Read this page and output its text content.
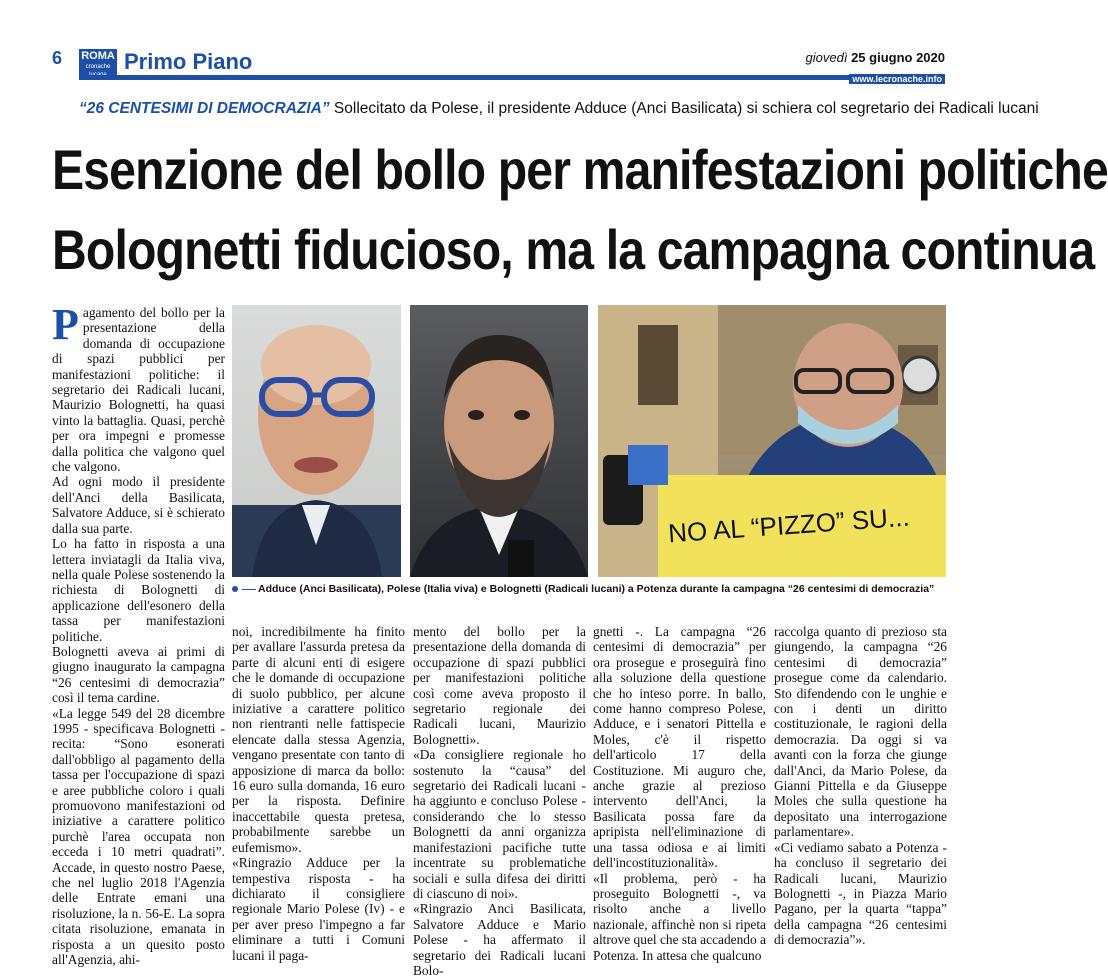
6 ROMA
cronache Primo Piano	giovedì 25 giugno 2020
www.lecronache.info
“26 CENTESIMI DI DEMOCRAZIA” Sollecitato da Polese, il presidente Adduce (Anci Basilicata) si schiera col segretario dei Radicali lucani
Esenzione del bollo per manifestazioni politiche
Bolognetti fiducioso, ma la campagna continua
NO AL “PIZZO” SU...
Adduce (Anci Basilicata), Polese (Italia viva) e Bolognetti (Radicali lucani) a Potenza durante la campagna “26 centesimi di democrazia”

Pagamento del bollo per la presentazione della domanda di occupazione di spazi pubblici per manifestazioni politiche: il segretario dei Radicali lucani, Maurizio Bolognetti, ha quasi vinto la battaglia. Quasi, perchè per ora impegni e promesse dalla politica che valgono quel che valgono.

Ad ogni modo il presidente dell'Anci della Basilicata, Salvatore Adduce, si è schierato dalla sua parte.

Lo ha fatto in risposta a una lettera inviatagli da Italia viva, nella quale Polese sostenendo la richiesta di Bolognetti di applicazione dell'esonero della tassa per manifestazioni politiche.

Bolognetti aveva ai primi di giugno inaugurato la campagna “26 centesimi di democrazia” così il tema cardine.

«La legge 549 del 28 dicembre 1995 - specificava Bolognetti - recita: “Sono esonerati dall'obbligo al pagamento della tassa per l'occupazione di spazi e aree pubbliche coloro i quali promuovono manifestazioni od iniziative a carattere politico purchè l'area occupata non ecceda i 10 metri quadrati”. Accade, in questo nostro Paese, che nel luglio 2018 l'Agenzia delle Entrate emani una risoluzione, la n. 56-E. La sopra citata risoluzione, emanata in risposta a un quesito posto all'Agenzia, ahi-

noi, incredibilmente ha finito per avallare l'assurda pretesa da parte di alcuni enti di esigere che le domande di occupazione di suolo pubblico, per alcune iniziative a carattere politico non rientranti nelle fattispecie elencate dalla stessa Agenzia, vengano presentate con tanto di apposizione di marca da bollo: 16 euro sulla domanda, 16 euro per la risposta. Definire inaccettabile questa pretesa, probabilmente sarebbe un eufemismo».

«Ringrazio Adduce per la tempestiva risposta - ha dichiarato il consigliere regionale Mario Polese (Iv) - e per aver preso l'impegno a far eliminare a tutti i Comuni lucani il paga-

mento del bollo per la presentazione della domanda di occupazione di spazi pubblici per manifestazioni politiche così come aveva proposto il segretario regionale dei Radicali lucani, Maurizio Bolognetti».

«Da consigliere regionale ho sostenuto la “causa” del segretario dei Radicali lucani - ha aggiunto e concluso Polese - considerando che lo stesso Bolognetti da anni organizza manifestazioni pacifiche tutte incentrate su problematiche sociali e sulla difesa dei diritti di ciascuno di noi».

«Ringrazio Anci Basilicata, Salvatore Adduce e Mario Polese - ha affermato il segretario dei Radicali lucani Bolo-

gnetti -. La campagna “26 centesimi di democrazia” per ora prosegue e proseguirà fino alla soluzione della questione che ho inteso porre. In ballo, come hanno compreso Polese, Adduce, e i senatori Pittella e Moles, c'è il rispetto dell'articolo 17 della Costituzione. Mi auguro che, anche grazie al prezioso intervento dell'Anci, la Basilicata possa fare da apripista nell'eliminazione di una tassa odiosa e ai limiti dell'incostituzionalità».

«Il problema, però - ha proseguito Bolognetti -, va risolto anche a livello nazionale, affinchè non si ripeta altrove quel che sta accadendo a Potenza. In attesa che qualcuno

raccolga quanto di prezioso sta giungendo, la campagna “26 centesimi di democrazia” prosegue come da calendario. Sto difendendo con le unghie e con i denti un diritto costituzionale, le ragioni della democrazia. Da oggi si va avanti con la forza che giunge dall'Anci, da Mario Polese, da Gianni Pittella e da Giuseppe Moles che sulla questione ha depositato una interrogazione parlamentare».

«Ci vediamo sabato a Potenza - ha concluso il segretario dei Radicali lucani, Maurizio Bolognetti -, in Piazza Mario Pagano, per la quarta “tappa” della campagna “26 centesimi di democrazia”».
